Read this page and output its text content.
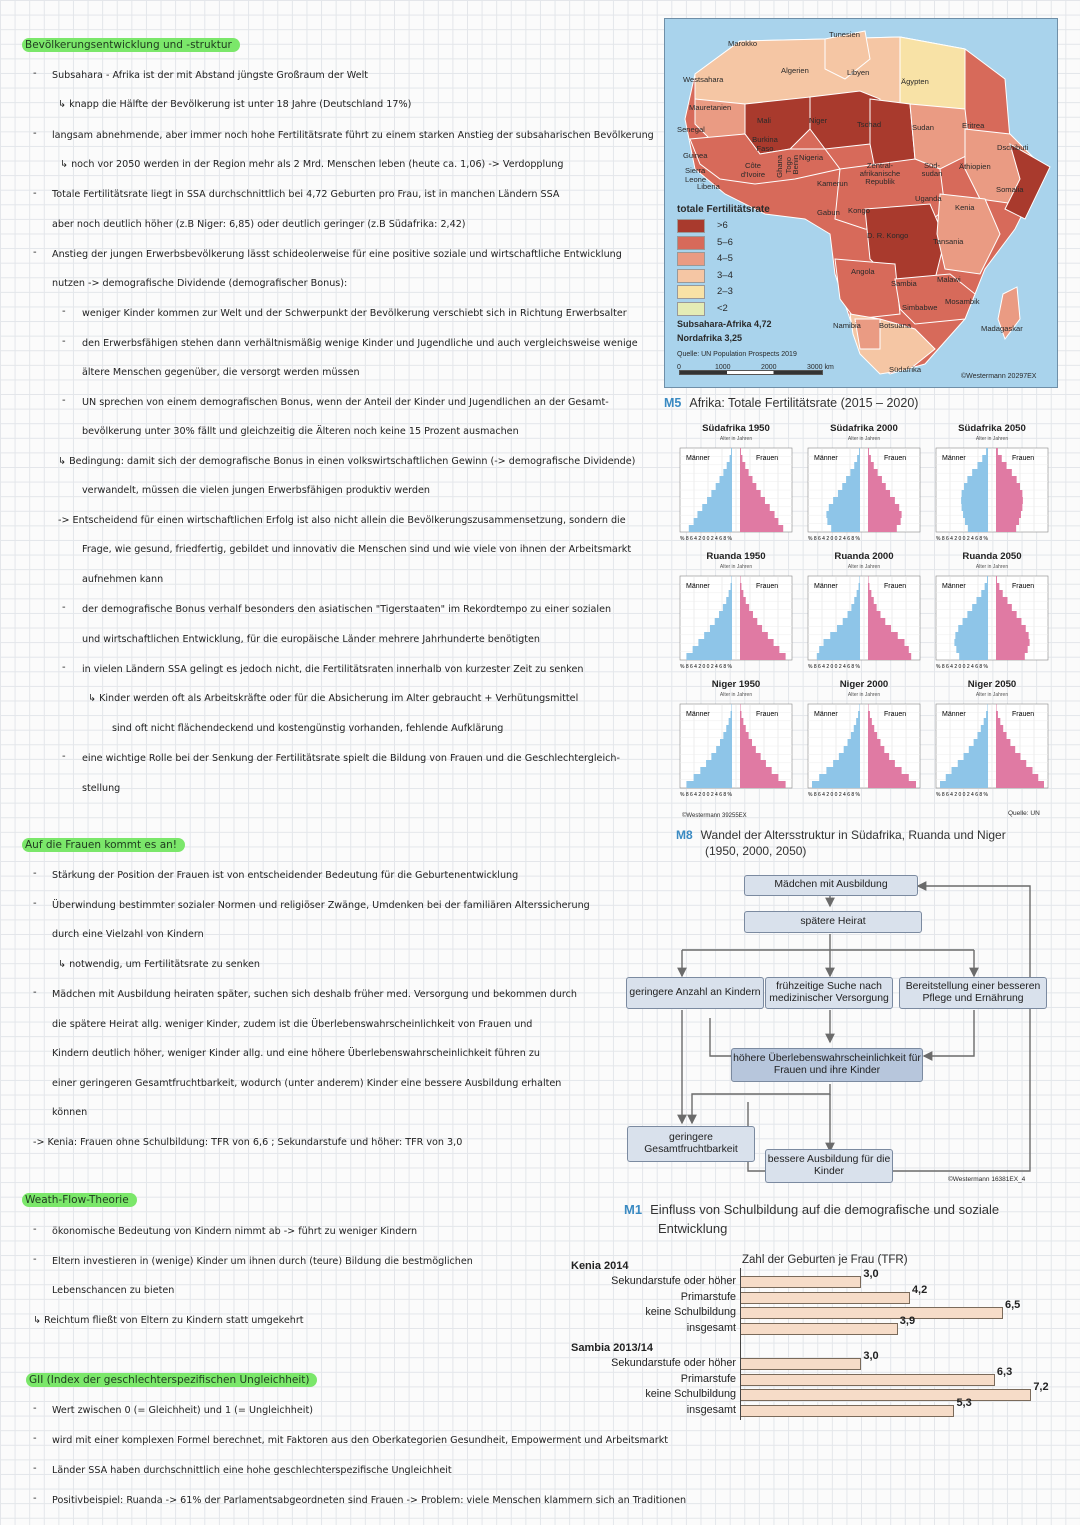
Bevölkerungsentwicklung und -struktur
- Subsahara - Afrika ist der mit Abstand jüngste Großraum der Welt
↳ knapp die Hälfte der Bevölkerung ist unter 18 Jahre (Deutschland 17%)
- langsam abnehmende, aber immer noch hohe Fertilitätsrate führt zu einem starken Anstieg der subsaharischen Bevölkerung
↳ noch vor 2050 werden in der Region mehr als 2 Mrd. Menschen leben (heute ca. 1,06) -> Verdopplung
- Totale Fertilitätsrate liegt in SSA durchschnittlich bei 4,72 Geburten pro Frau, ist in manchen Ländern SSA
aber noch deutlich höher (z.B Niger: 6,85) oder deutlich geringer (z.B Südafrika: 2,42)
- Anstieg der jungen Erwerbsbevölkerung lässt schideolerweise für eine positive soziale und wirtschaftliche Entwicklung
nutzen -> demografische Dividende (demografischer Bonus):
- weniger Kinder kommen zur Welt und der Schwerpunkt der Bevölkerung verschiebt sich in Richtung Erwerbsalter
- den Erwerbsfähigen stehen dann verhältnismäßig wenige Kinder und Jugendliche und auch vergleichsweise wenige
ältere Menschen gegenüber, die versorgt werden müssen
- UN sprechen von einem demografischen Bonus, wenn der Anteil der Kinder und Jugendlichen an der Gesamt-
bevölkerung unter 30% fällt und gleichzeitig die Älteren noch keine 15 Prozent ausmachen
↳ Bedingung: damit sich der demografische Bonus in einen volkswirtschaftlichen Gewinn (-> demografische Dividende)
verwandelt, müssen die vielen jungen Erwerbsfähigen produktiv werden
-> Entscheidend für einen wirtschaftlichen Erfolg ist also nicht allein die Bevölkerungszusammensetzung, sondern die
Frage, wie gesund, friedfertig, gebildet und innovativ die Menschen sind und wie viele von ihnen der Arbeitsmarkt
aufnehmen kann
- der demografische Bonus verhalf besonders den asiatischen "Tigerstaaten" im Rekordtempo zu einer sozialen
und wirtschaftlichen Entwicklung, für die europäische Länder mehrere Jahrhunderte benötigten
- in vielen Ländern SSA gelingt es jedoch nicht, die Fertilitätsraten innerhalb von kurzester Zeit zu senken
↳ Kinder werden oft als Arbeitskräfte oder für die Absicherung im Alter gebraucht + Verhütungsmittel
sind oft nicht flächendeckend und kostengünstig vorhanden, fehlende Aufklärung
- eine wichtige Rolle bei der Senkung der Fertilitätsrate spielt die Bildung von Frauen und die Geschlechtergleich-
stellung
Auf die Frauen kommt es an!
- Stärkung der Position der Frauen ist von entscheidender Bedeutung für die Geburtenentwicklung
- Überwindung bestimmter sozialer Normen und religiöser Zwänge, Umdenken bei der familiären Alterssicherung
durch eine Vielzahl von Kindern
↳ notwendig, um Fertilitätsrate zu senken
- Mädchen mit Ausbildung heiraten später, suchen sich deshalb früher med. Versorgung und bekommen durch
die spätere Heirat allg. weniger Kinder, zudem ist die Überlebenswahrscheinlichkeit von Frauen und
Kindern deutlich höher, weniger Kinder allg. und eine höhere Überlebenswahrscheinlichkeit führen zu
einer geringeren Gesamtfruchtbarkeit, wodurch (unter anderem) Kinder eine bessere Ausbildung erhalten
können
-> Kenia: Frauen ohne Schulbildung: TFR von 6,6 ; Sekundarstufe und höher: TFR von 3,0
Weath-Flow-Theorie
- ökonomische Bedeutung von Kindern nimmt ab -> führt zu weniger Kindern
- Eltern investieren in (wenige) Kinder um ihnen durch (teure) Bildung die bestmöglichen
Lebenschancen zu bieten
↳ Reichtum fließt von Eltern zu Kindern statt umgekehrt
GII (Index der geschlechterspezifischen Ungleichheit)
- Wert zwischen 0 (= Gleichheit) und 1 (= Ungleichheit)
- wird mit einer komplexen Formel berechnet, mit Faktoren aus den Oberkategorien Gesundheit, Empowerment und Arbeitsmarkt
- Länder SSA haben durchschnittlich eine hohe geschlechterspezifische Ungleichheit
- Positivbeispiel: Ruanda -> 61% der Parlamentsabgeordneten sind Frauen -> Problem: viele Menschen klammern sich an Traditionen
Marokko
Tunesien
Westsahara
Algerien	Libyen
Ägypten
Mauretanien
Mali	Niger	Tschad	Sudan	Eritrea
Dschibuti
Senegal
Guinea
Burkina Faso
Nigeria
Sierra Leone
Côte d'Ivoire	Ghana Togo
Benin
Liberia	Kamerun
Zentral-afrikanische Republik
Süd-sudan
Äthiopien
Somalia
Uganda
Kenia
Gabun Kongo
D. R. Kongo
Tansania
Angola
Sambia	Malawi
Simbabwe
Mosambik
Namibia Botsuana	Madagaskar
Südafrika
totale Fertilitätsrate
>6
5–6
4–5
3–4
2–3
<2
Subsahara-Afrika 4,72
Nordafrika 3,25
Quelle: UN Population Prospects 2019
0	1000	2000	3000 km
©Westermann 20297EX
M5 Afrika: Totale Fertilitätsrate (2015 – 2020)
Südafrika 1950
Alter in Jahren
Männer	Frauen
% 8 6 4 2 0 0 2 4 6 8 %
Südafrika 2000
Alter in Jahren
Männer	Frauen
% 8 6 4 2 0 0 2 4 6 8 %
Südafrika 2050
Alter in Jahren
Männer	Frauen
% 8 6 4 2 0 0 2 4 6 8 %
Ruanda 1950
Alter in Jahren
Männer	Frauen
% 8 6 4 2 0 0 2 4 6 8 %
Ruanda 2000
Alter in Jahren
Männer	Frauen
% 8 6 4 2 0 0 2 4 6 8 %
Ruanda 2050
Alter in Jahren
Männer	Frauen
% 8 6 4 2 0 0 2 4 6 8 %
Niger 1950
Alter in Jahren
Männer	Frauen
% 8 6 4 2 0 0 2 4 6 8 %
Niger 2000
Alter in Jahren
Männer	Frauen
% 8 6 4 2 0 0 2 4 6 8 %
Niger 2050
Alter in Jahren
Männer	Frauen
% 8 6 4 2 0 0 2 4 6 8 %
©Westermann 39255EX	Quelle: UN
M8 Wandel der Altersstruktur in Südafrika, Ruanda und Niger
(1950, 2000, 2050)
Mädchen mit Ausbildung
spätere Heirat
geringere Anzahl an Kindern
frühzeitige Suche nach medizinischer Versorgung
Bereitstellung einer besseren Pflege und Ernährung
höhere Überlebenswahrscheinlichkeit für Frauen und ihre Kinder
geringere Gesamtfruchtbarkeit
bessere Ausbildung für die Kinder
©Westermann 16381EX_4
M1 Einfluss von Schulbildung auf die demografische und soziale
Entwicklung
Zahl der Geburten je Frau (TFR)
Kenia 2014
Sekundarstufe oder höher
3,0
Primarstufe
4,2
keine Schulbildung
6,5
insgesamt
3,9
Sambia 2013/14
Sekundarstufe oder höher
3,0
Primarstufe
6,3
keine Schulbildung
7,2
insgesamt
5,3
